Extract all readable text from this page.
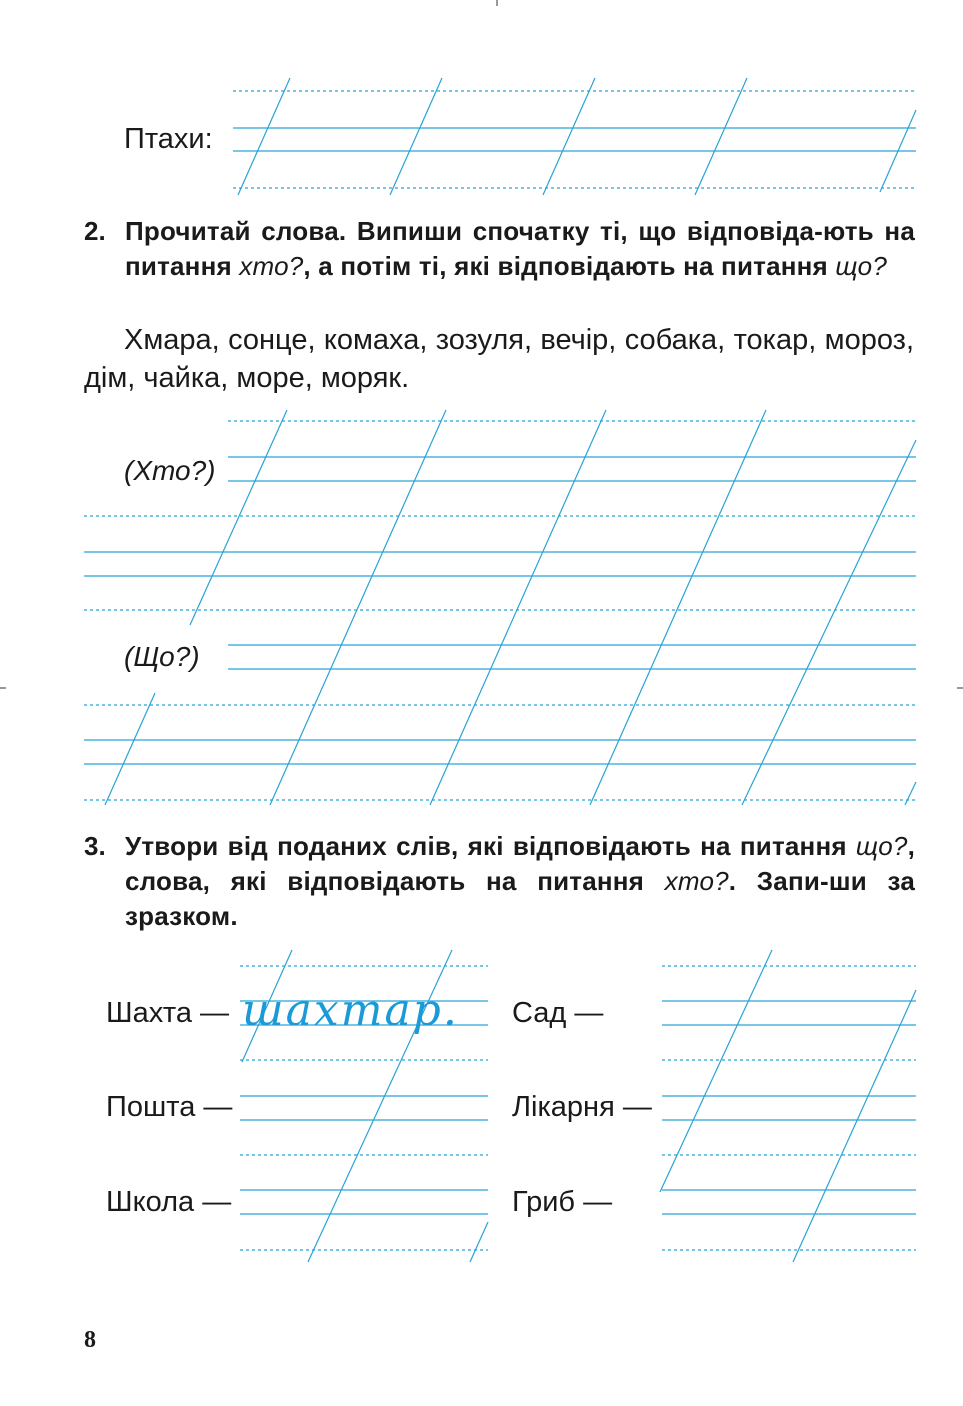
Птахи:
2. Прочитай слова. Випиши спочатку ті, що відповіда-ють на питання хто?, а потім ті, які відповідають на питання що?
Хмара, сонце, комаха, зозуля, вечір, собака, токар, мороз, дім, чайка, море, моряк.
(Хто?)
(Що?)
3. Утвори від поданих слів, які відповідають на питання що?, слова, які відповідають на питання хто?. Запи-ши за зразком.
Шахта —
Пошта —
Школа —
Сад —
Лікарня —
Гриб —
шахтар.
8
